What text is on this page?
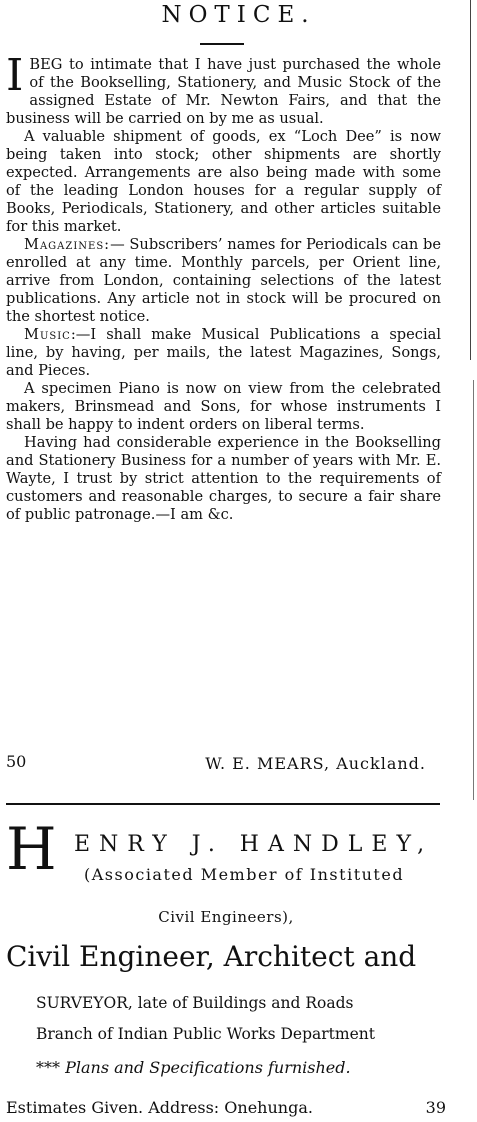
NOTICE.

IBEG to intimate that I have just purchased the whole of the Bookselling, Stationery, and Music Stock of the assigned Estate of Mr. Newton Fairs, and that the business will be carried on by me as usual.

A valuable shipment of goods, ex “Loch Dee” is now being taken into stock; other shipments are shortly expected. Arrangements are also being made with some of the leading London houses for a regular supply of Books, Periodicals, Stationery, and other articles suitable for this market.

Magazines:— Subscribers’ names for Periodicals can be enrolled at any time. Monthly parcels, per Orient line, arrive from London, containing selections of the latest publications. Any article not in stock will be procured on the shortest notice.

Music:—I shall make Musical Publications a special line, by having, per mails, the latest Magazines, Songs, and Pieces.

A specimen Piano is now on view from the celebrated makers, Brinsmead and Sons, for whose instruments I shall be happy to indent orders on liberal terms.

Having had considerable experience in the Bookselling and Stationery Business for a number of years with Mr. E. Wayte, I trust by strict attention to the requirements of customers and reasonable charges, to secure a fair share of public patronage.—I am &c.

50	W. E. MEARS, Auckland.
H ENRY J. HANDLEY,
(Associated Member of Instituted
Civil Engineers),
Civil Engineer, Architect and
SURVEYOR, late of Buildings and Roads
Branch of Indian Public Works Department
*** Plans and Specifications furnished.
Estimates Given. Address: Onehunga.	39
